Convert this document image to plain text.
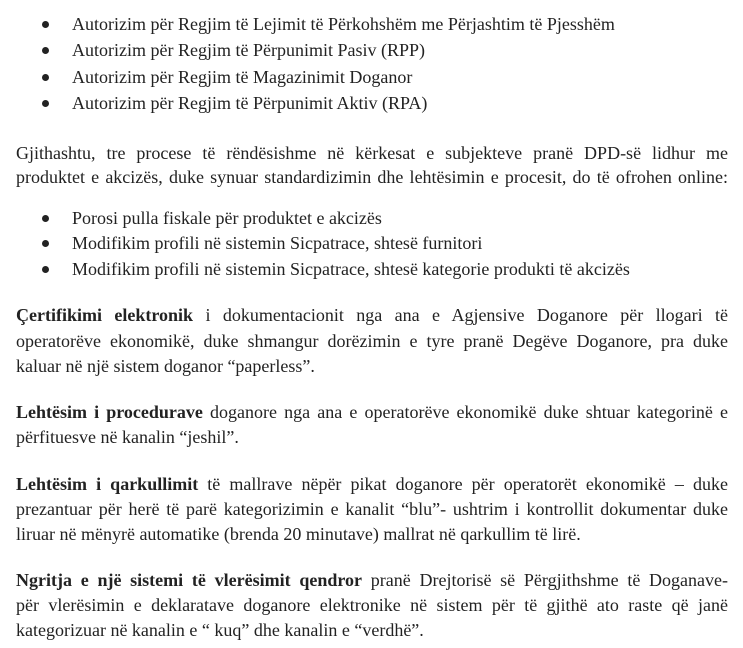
Autorizim për Regjim të Lejimit të Përkohshëm me Përjashtim të Pjesshëm
Autorizim për Regjim të Përpunimit Pasiv (RPP)
Autorizim për Regjim të Magazinimit Doganor
Autorizim për Regjim të Përpunimit Aktiv (RPA)
Gjithashtu, tre procese të rëndësishme në kërkesat e subjekteve pranë DPD-së lidhur me
produktet e akcizës, duke synuar standardizimin dhe lehtësimin e procesit, do të ofrohen online:
Porosi pulla fiskale për produktet e akcizës
Modifikim profili në sistemin Sicpatrace, shtesë furnitori
Modifikim profili në sistemin Sicpatrace, shtesë kategorie produkti të akcizës
Çertifikimi elektronik i dokumentacionit nga ana e Agjensive Doganore për llogari të
operatorëve ekonomikë, duke shmangur dorëzimin e tyre pranë Degëve Doganore, pra duke
kaluar në një sistem doganor “paperless”.
Lehtësim i procedurave doganore nga ana e operatorëve ekonomikë duke shtuar kategorinë e
përfituesve në kanalin “jeshil”.
Lehtësim i qarkullimit të mallrave nëpër pikat doganore për operatorët ekonomikë – duke
prezantuar për herë të parë kategorizimin e kanalit “blu”- ushtrim i kontrollit dokumentar duke
liruar në mënyrë automatike (brenda 20 minutave) mallrat në qarkullim të lirë.
Ngritja e një sistemi të vlerësimit qendror pranë Drejtorisë së Përgjithshme të Doganave-
për vlerësimin e deklaratave doganore elektronike në sistem për të gjithë ato raste që janë
kategorizuar në kanalin e “ kuq” dhe kanalin e “verdhë”.
